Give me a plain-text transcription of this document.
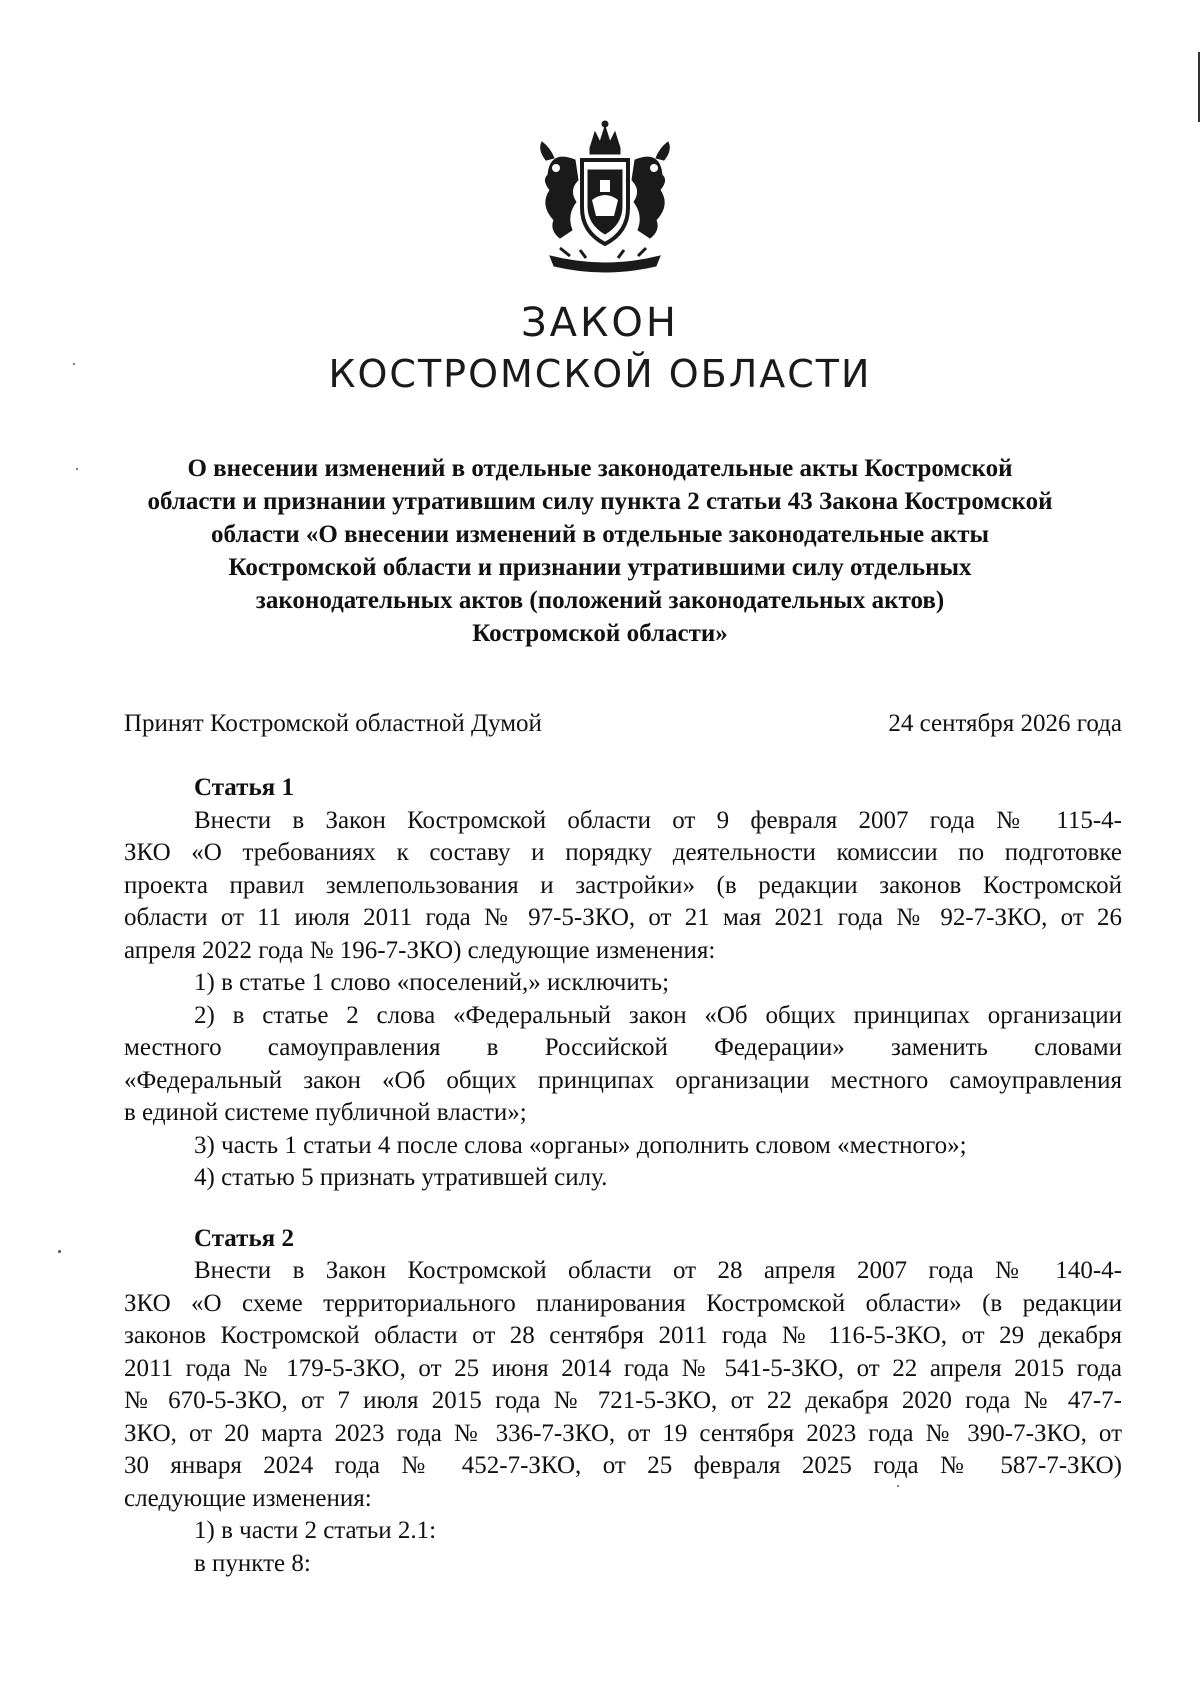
ЗАКОН
КОСТРОМСКОЙ ОБЛАСТИ
О внесении изменений в отдельные законодательные акты Костромской
области и признании утратившим силу пункта 2 статьи 43 Закона Костромской
области «О внесении изменений в отдельные законодательные акты
Костромской области и признании утратившими силу отдельных
законодательных актов (положений законодательных актов)
Костромской области»
Принят Костромской областной Думой	24 сентября 2026 года
Статья 1
Внести в Закон Костромской области от 9 февраля 2007 года № 115-4-
ЗКО «О требованиях к составу и порядку деятельности комиссии по подготовке
проекта правил землепользования и застройки» (в редакции законов Костромской
области от 11 июля 2011 года № 97-5-ЗКО, от 21 мая 2021 года № 92-7-ЗКО, от 26
апреля 2022 года № 196-7-ЗКО) следующие изменения:
1) в статье 1 слово «поселений,» исключить;
2) в статье 2 слова «Федеральный закон «Об общих принципах организации
местного самоуправления в Российской Федерации» заменить словами
«Федеральный закон «Об общих принципах организации местного самоуправления
в единой системе публичной власти»;
3) часть 1 статьи 4 после слова «органы» дополнить словом «местного»;
4) статью 5 признать утратившей силу.
Статья 2
Внести в Закон Костромской области от 28 апреля 2007 года № 140-4-
ЗКО «О схеме территориального планирования Костромской области» (в редакции
законов Костромской области от 28 сентября 2011 года № 116-5-ЗКО, от 29 декабря
2011 года № 179-5-ЗКО, от 25 июня 2014 года № 541-5-ЗКО, от 22 апреля 2015 года
№ 670-5-ЗКО, от 7 июля 2015 года № 721-5-ЗКО, от 22 декабря 2020 года № 47-7-
ЗКО, от 20 марта 2023 года № 336-7-ЗКО, от 19 сентября 2023 года № 390-7-ЗКО, от
30 января 2024 года № 452-7-ЗКО, от 25 февраля 2025 года № 587-7-ЗКО)
следующие изменения:
1) в части 2 статьи 2.1:
в пункте 8:
